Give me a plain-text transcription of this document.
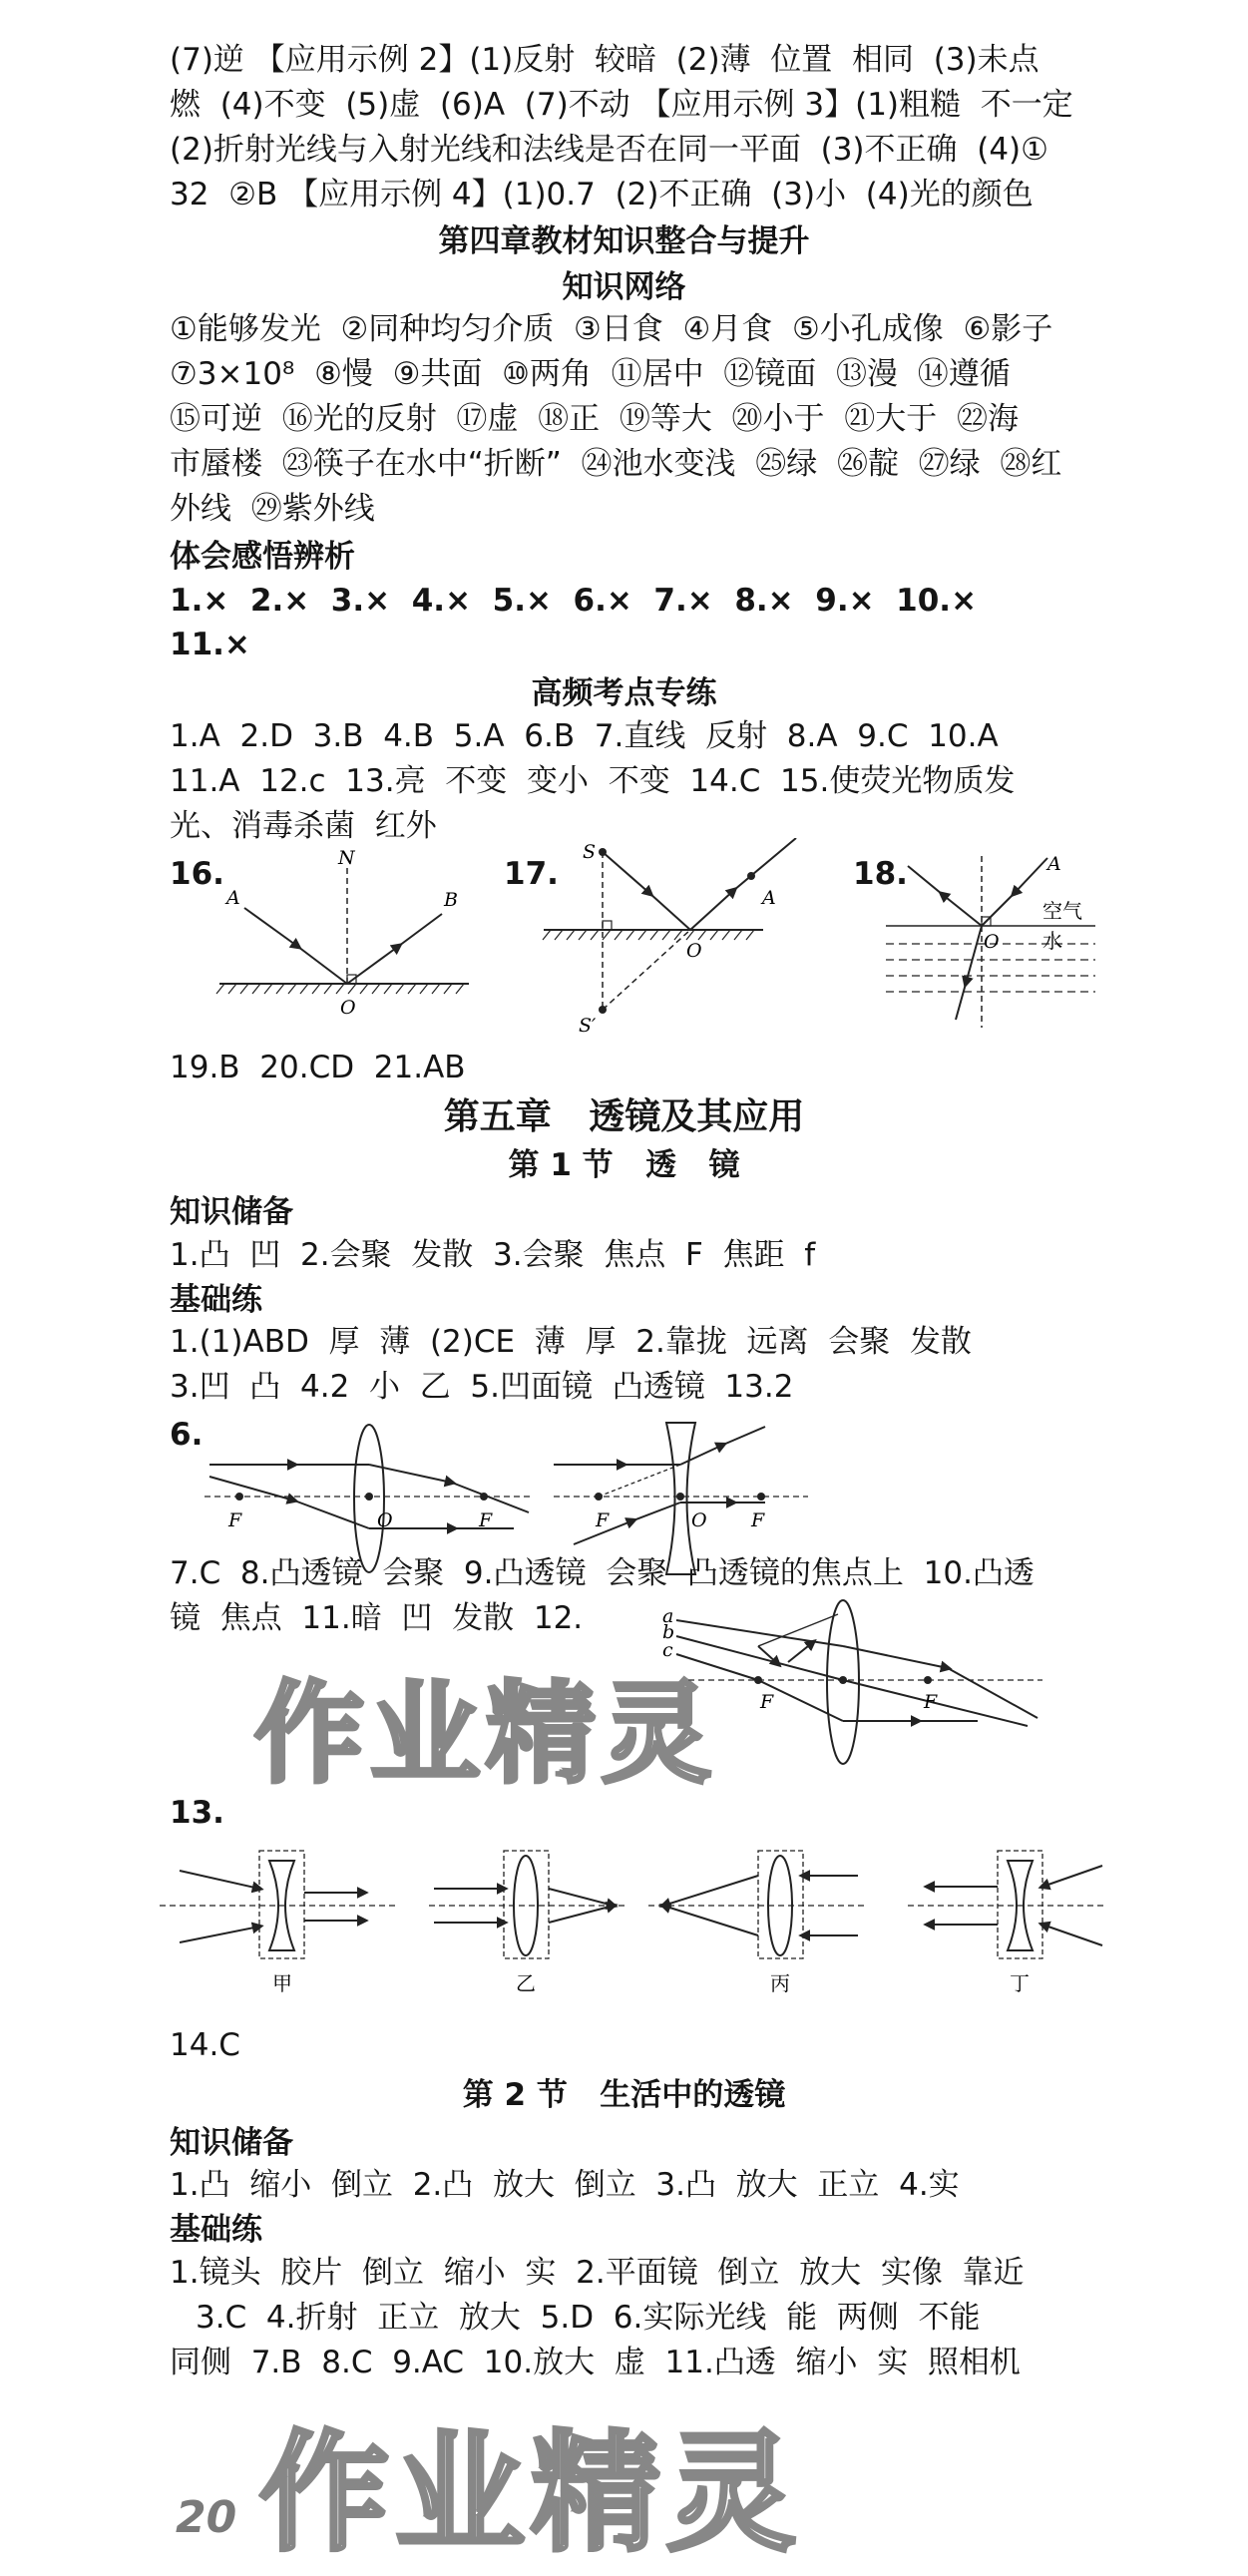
(7)逆 【应用示例 2】(1)反射  较暗  (2)薄  位置  相同  (3)未点
燃  (4)不变  (5)虚  (6)A  (7)不动 【应用示例 3】(1)粗糙  不一定
(2)折射光线与入射光线和法线是否在同一平面  (3)不正确  (4)①
32  ②B 【应用示例 4】(1)0.7  (2)不正确  (3)小  (4)光的颜色
第四章教材知识整合与提升
知识网络
①能够发光  ②同种均匀介质  ③日食  ④月食  ⑤小孔成像  ⑥影子
⑦3×10⁸  ⑧慢  ⑨共面  ⑩两角  ⑪居中  ⑫镜面  ⑬漫  ⑭遵循
⑮可逆  ⑯光的反射  ⑰虚  ⑱正  ⑲等大  ⑳小于  ㉑大于  ㉒海
市蜃楼  ㉓筷子在水中“折断”  ㉔池水变浅  ㉕绿  ㉖靛  ㉗绿  ㉘红
外线  ㉙紫外线
体会感悟辨析
1.×  2.×  3.×  4.×  5.×  6.×  7.×  8.×  9.×  10.×
11.×
高频考点专练
1.A  2.D  3.B  4.B  5.A  6.B  7.直线  反射  8.A  9.C  10.A
11.A  12.c  13.亮  不变  变小  不变  14.C  15.使荧光物质发
光、消毒杀菌  红外
16.
A
N
B
O
17.
S
A
O
S′
18.	A
O
空气
水
19.B  20.CD  21.AB
第五章   透镜及其应用
第 1 节   透   镜
知识储备
1.凸  凹  2.会聚  发散  3.会聚  焦点  F  焦距  f
基础练
1.(1)ABD  厚  薄  (2)CE  薄  厚  2.靠拢  远离  会聚  发散
3.凹  凸  4.2  小  乙  5.凹面镜  凸透镜  13.2
6.
F	O	F	F	O F
7.C  8.凸透镜  会聚  9.凸透镜  会聚  凸透镜的焦点上  10.凸透
镜  焦点  11.暗  凹  发散  12.	a
b
c
F	F
13.
甲	乙	丙	丁
14.C
第 2 节   生活中的透镜
知识储备
1.凸  缩小  倒立  2.凸  放大  倒立  3.凸  放大  正立  4.实
基础练
1.镜头  胶片  倒立  缩小  实  2.平面镜  倒立  放大  实像  靠近
3.C  4.折射  正立  放大  5.D  6.实际光线  能  两侧  不能
同侧  7.B  8.C  9.AC  10.放大  虚  11.凸透  缩小  实  照相机
作业精灵
作业精灵
20
